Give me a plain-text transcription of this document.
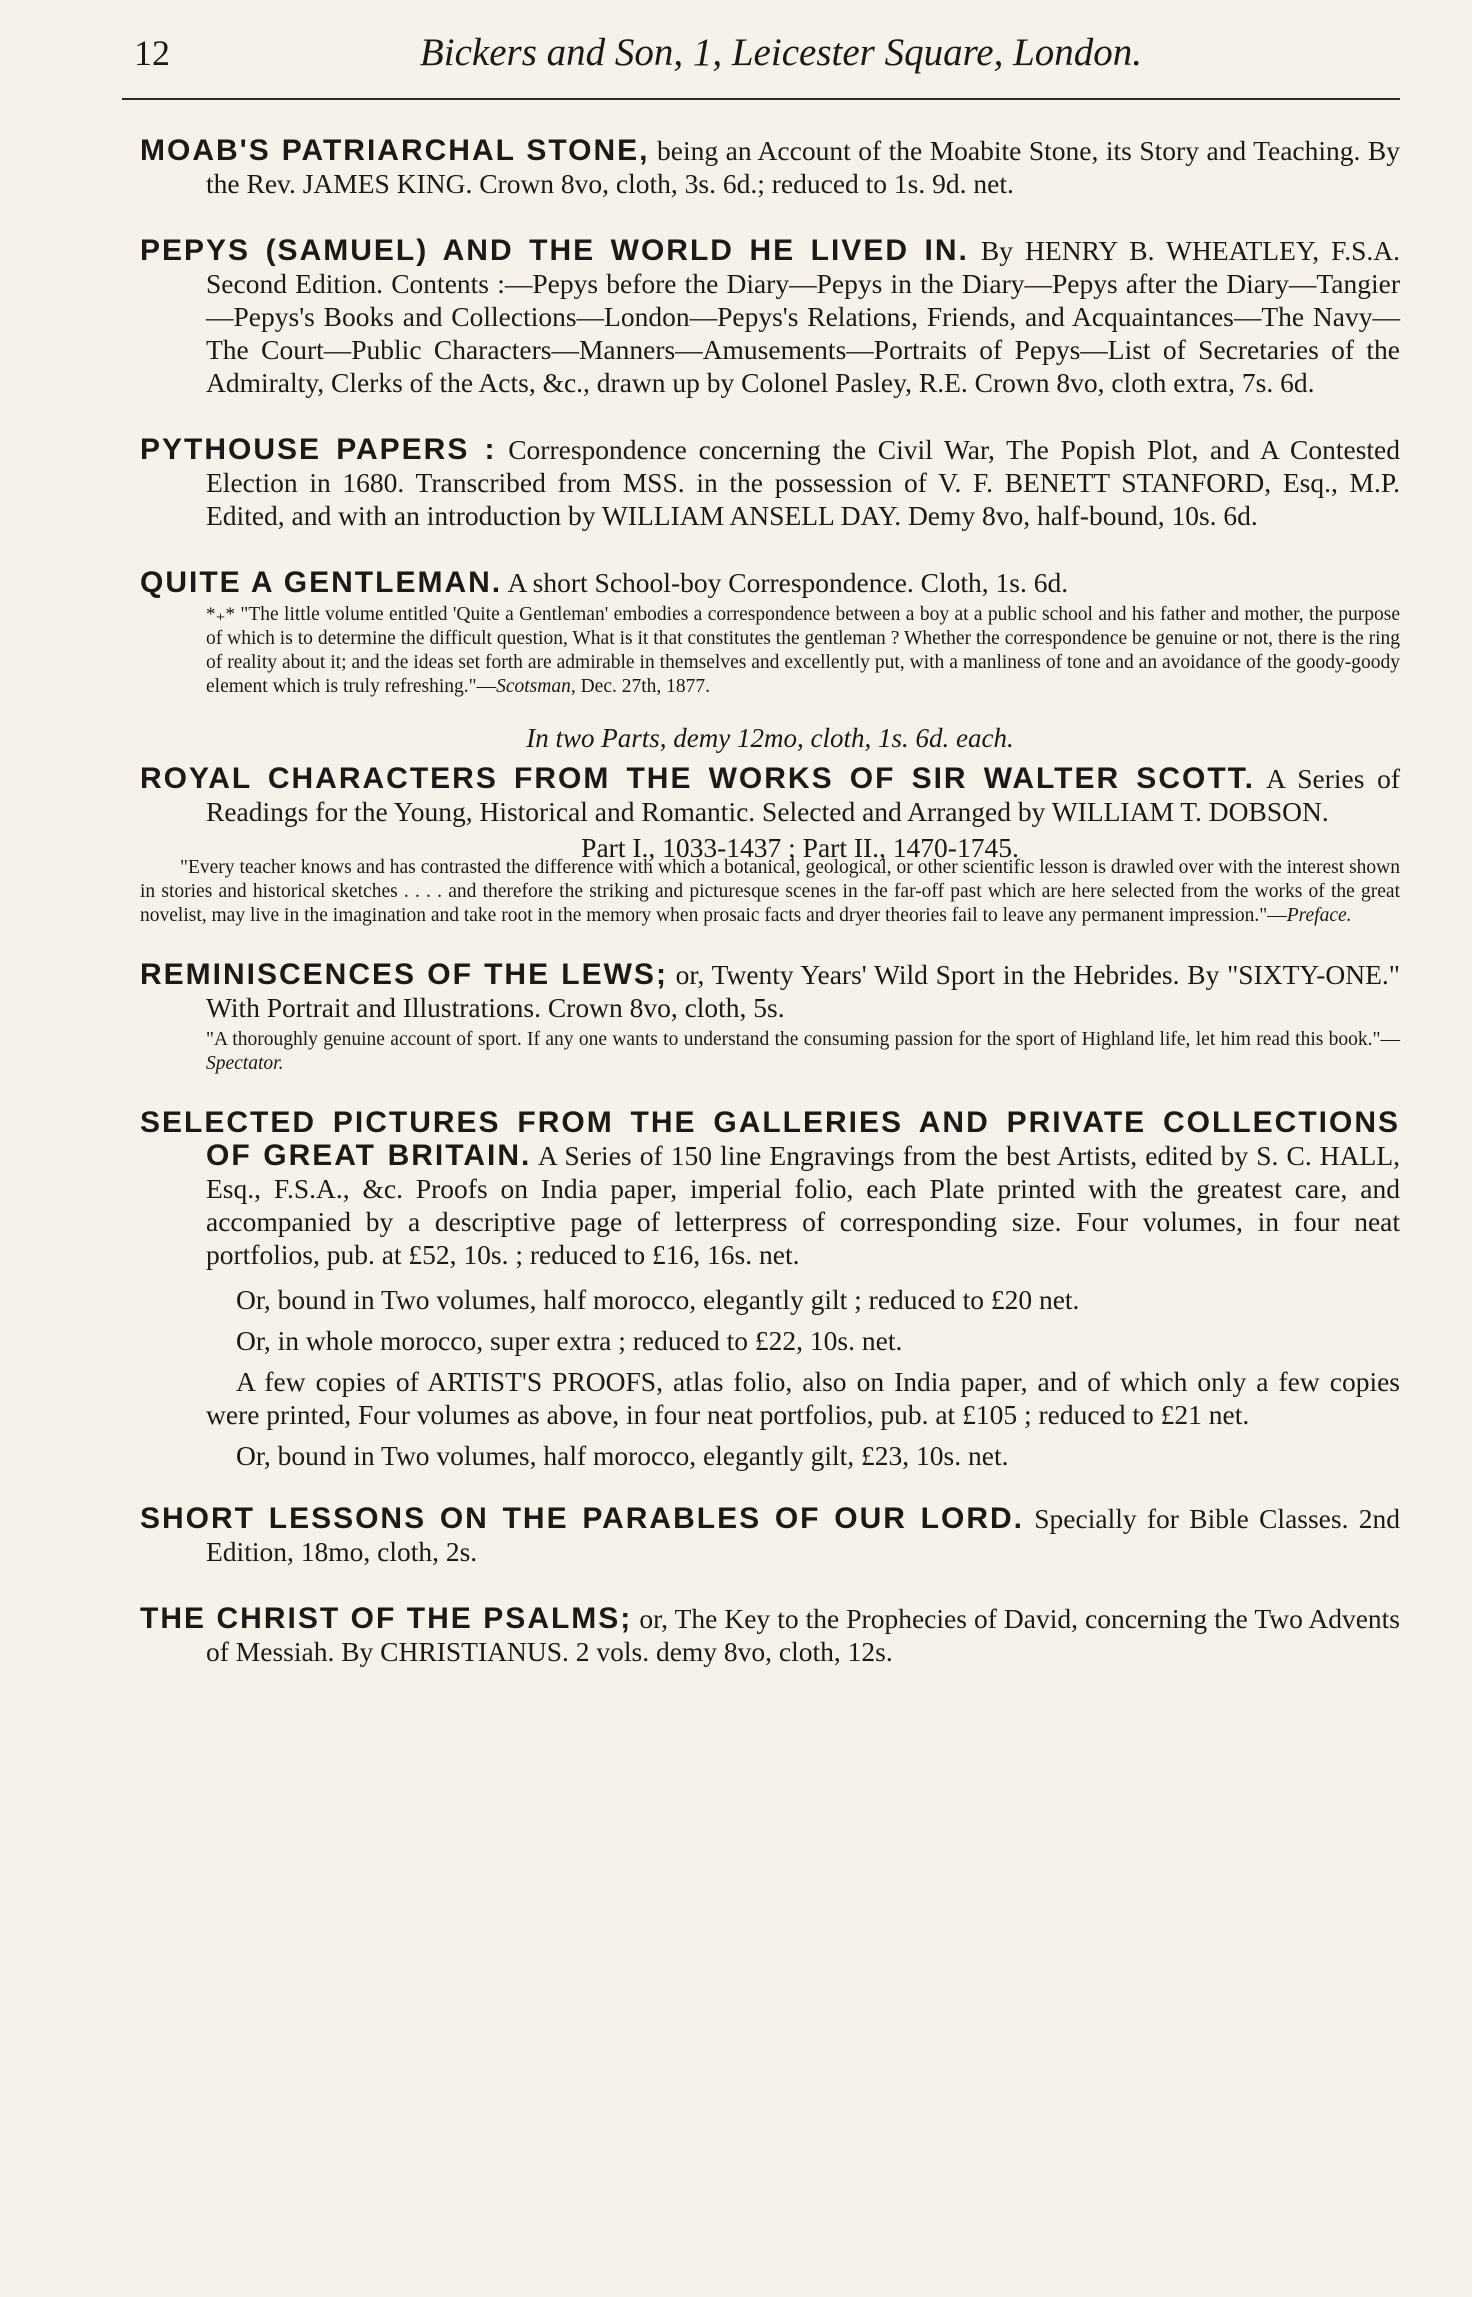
12	Bickers and Son, 1, Leicester Square, London.

MOAB'S PATRIARCHAL STONE, being an Account of the Moabite Stone, its Story and Teaching. By the Rev. JAMES KING. Crown 8vo, cloth, 3s. 6d.; reduced to 1s. 9d. net.

PEPYS (SAMUEL) AND THE WORLD HE LIVED IN. By HENRY B. WHEATLEY, F.S.A. Second Edition. Contents :—Pepys before the Diary—Pepys in the Diary—Pepys after the Diary—Tangier—Pepys's Books and Collections—London—Pepys's Relations, Friends, and Acquaintances—The Navy—The Court—Public Characters—Manners—Amusements—Portraits of Pepys—List of Secretaries of the Admiralty, Clerks of the Acts, &c., drawn up by Colonel Pasley, R.E. Crown 8vo, cloth extra, 7s. 6d.

PYTHOUSE PAPERS : Correspondence concerning the Civil War, The Popish Plot, and A Contested Election in 1680. Transcribed from MSS. in the possession of V. F. BENETT STANFORD, Esq., M.P. Edited, and with an introduction by WILLIAM ANSELL DAY. Demy 8vo, half-bound, 10s. 6d.

QUITE A GENTLEMAN. A short School-boy Correspondence. Cloth, 1s. 6d.

*₊* "The little volume entitled 'Quite a Gentleman' embodies a correspondence between a boy at a public school and his father and mother, the purpose of which is to determine the difficult question, What is it that constitutes the gentleman ? Whether the correspondence be genuine or not, there is the ring of reality about it; and the ideas set forth are admirable in themselves and excellently put, with a manliness of tone and an avoidance of the goody-goody element which is truly refreshing."—Scotsman, Dec. 27th, 1877.

In two Parts, demy 12mo, cloth, 1s. 6d. each.

ROYAL CHARACTERS FROM THE WORKS OF SIR WALTER SCOTT. A Series of Readings for the Young, Historical and Romantic. Selected and Arranged by WILLIAM T. DOBSON.

Part I., 1033-1437 ; Part II., 1470-1745.

"Every teacher knows and has contrasted the difference with which a botanical, geological, or other scientific lesson is drawled over with the interest shown in stories and historical sketches . . . . and therefore the striking and picturesque scenes in the far-off past which are here selected from the works of the great novelist, may live in the imagination and take root in the memory when prosaic facts and dryer theories fail to leave any permanent impression."—Preface.

REMINISCENCES OF THE LEWS; or, Twenty Years' Wild Sport in the Hebrides. By "SIXTY-ONE." With Portrait and Illustrations. Crown 8vo, cloth, 5s.

"A thoroughly genuine account of sport. If any one wants to understand the consuming passion for the sport of Highland life, let him read this book."—Spectator.

SELECTED PICTURES FROM THE GALLERIES AND PRIVATE COLLECTIONS OF GREAT BRITAIN. A Series of 150 line Engravings from the best Artists, edited by S. C. HALL, Esq., F.S.A., &c. Proofs on India paper, imperial folio, each Plate printed with the greatest care, and accompanied by a descriptive page of letterpress of corresponding size. Four volumes, in four neat portfolios, pub. at £52, 10s. ; reduced to £16, 16s. net.

Or, bound in Two volumes, half morocco, elegantly gilt ; reduced to £20 net.

Or, in whole morocco, super extra ; reduced to £22, 10s. net.

A few copies of ARTIST'S PROOFS, atlas folio, also on India paper, and of which only a few copies were printed, Four volumes as above, in four neat portfolios, pub. at £105 ; reduced to £21 net.

Or, bound in Two volumes, half morocco, elegantly gilt, £23, 10s. net.

SHORT LESSONS ON THE PARABLES OF OUR LORD. Specially for Bible Classes. 2nd Edition, 18mo, cloth, 2s.

THE CHRIST OF THE PSALMS; or, The Key to the Prophecies of David, concerning the Two Advents of Messiah. By CHRISTIANUS. 2 vols. demy 8vo, cloth, 12s.
